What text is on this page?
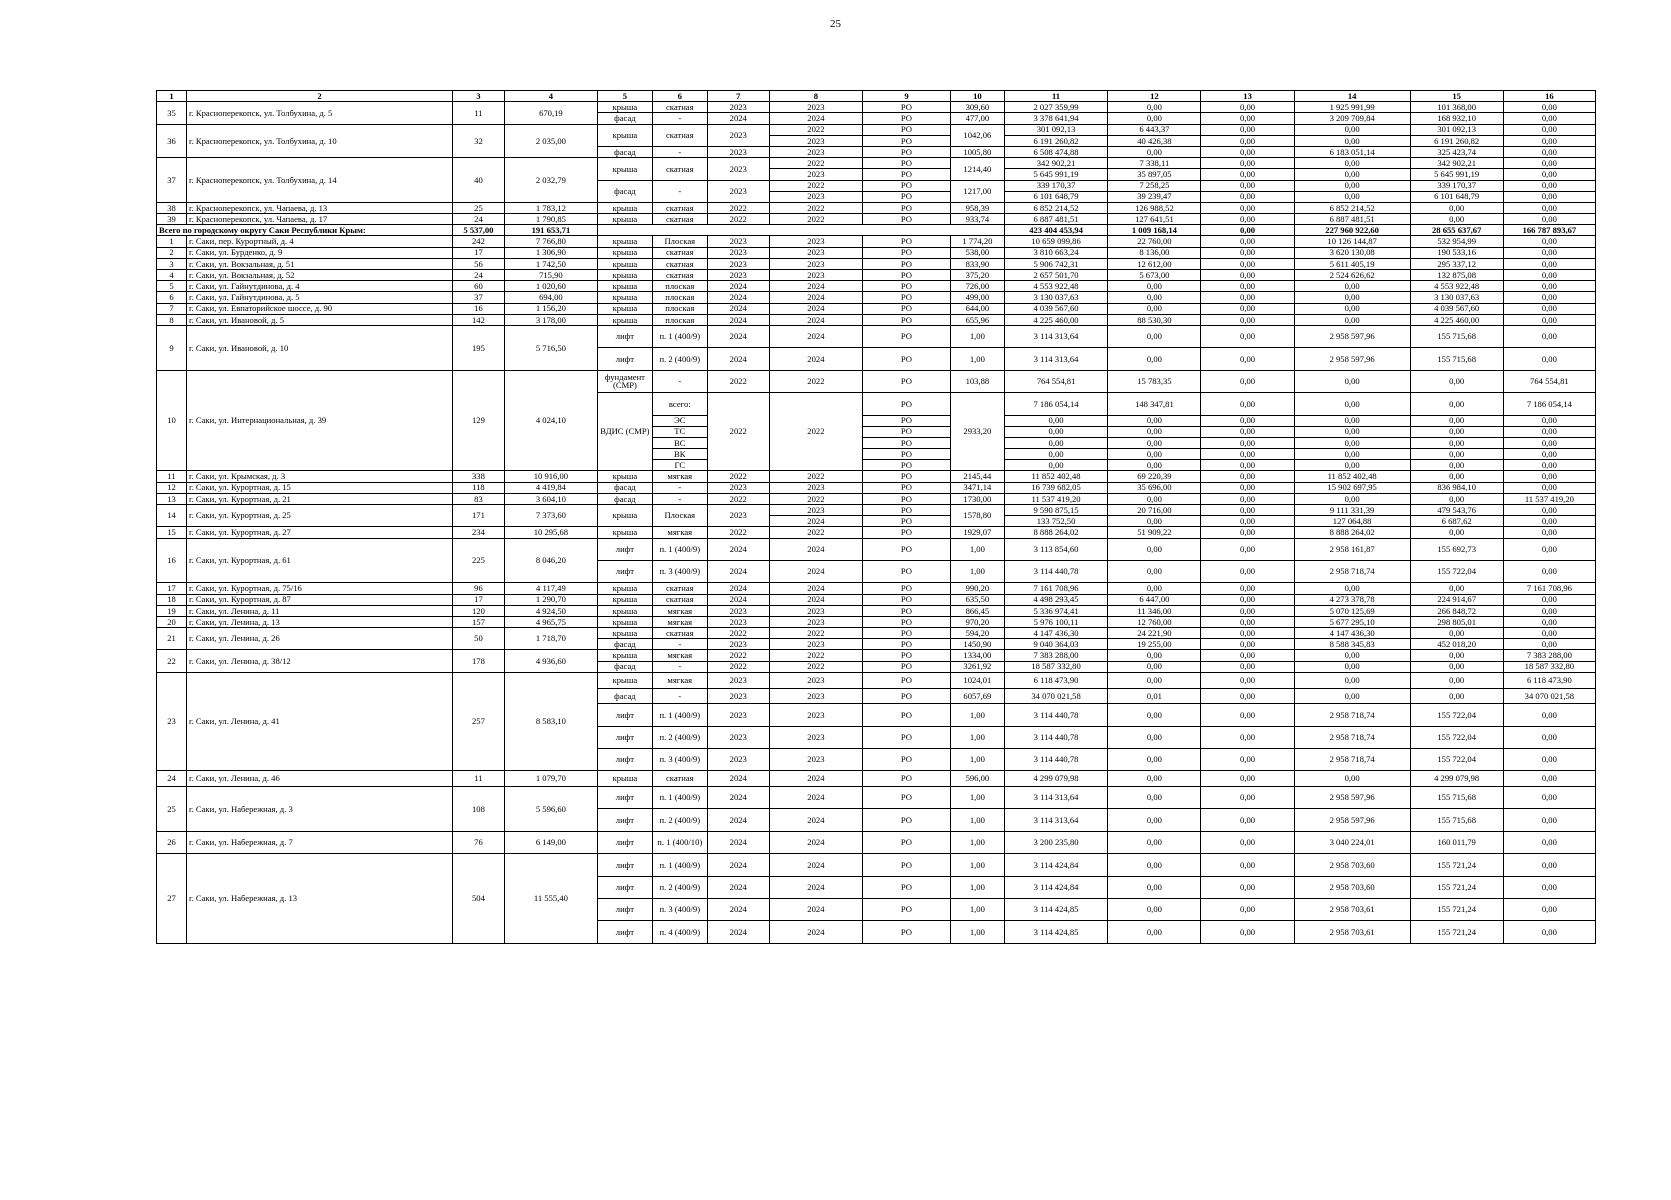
25
1	2	3	4	5	6	7	8	9	10	11	12	13	14	15	16
35	г. Красноперекопск, ул. Толбухина, д. 5	11	670,19	крыша	скатная	2023	2023	РО	309,60	2 027 359,99	0,00	0,00	1 925 991,99	101 368,00	0,00
				фасад	-	2024	2024	РО	477,00	3 378 641,94	0,00	0,00	3 209 709,84	168 932,10	0,00
36	г. Красноперекопск, ул. Толбухина, д. 10	32	2 035,00	крыша	скатная	2023	2022	РО	1042,06	301 092,13	6 443,37	0,00	0,00	301 092,13	0,00
							2023	РО		6 191 260,82	40 426,38	0,00	0,00	6 191 260,82	0,00
				фасад	-	2023	2023	РО	1005,80	6 508 474,88	0,00	0,00	6 183 051,14	325 423,74	0,00
37	г. Красноперекопск, ул. Толбухина, д. 14	40	2 032,79	крыша	скатная	2023	2022	РО	1214,40	342 902,21	7 338,11	0,00	0,00	342 902,21	0,00
							2023	РО		5 645 991,19	35 897,05	0,00	0,00	5 645 991,19	0,00
				фасад	-	2023	2022	РО	1217,00	339 170,37	7 258,25	0,00	0,00	339 170,37	0,00
							2023	РО		6 101 648,79	39 239,47	0,00	0,00	6 101 648,79	0,00
38	г. Красноперекопск, ул. Чапаева, д. 13	25	1 783,12	крыша	скатная	2022	2022	РО	958,39	6 852 214,52	126 988,52	0,00	6 852 214,52	0,00	0,00
39	г. Красноперекопск, ул. Чапаева, д. 17	24	1 790,85	крыша	скатная	2022	2022	РО	933,74	6 887 481,51	127 641,51	0,00	6 887 481,51	0,00	0,00
Всего по городскому округу Саки Республики Крым:		5 537,00	191 653,71							423 404 453,94	1 009 168,14	0,00	227 960 922,60	28 655 637,67	166 787 893,67
1	г. Саки, пер. Курортный, д. 4	242	7 766,80	крыша	Плоская	2023	2023	РО	1 774,20	10 659 099,86	22 760,00	0,00	10 126 144,87	532 954,99	0,00
2	г. Саки, ул. Бурденко, д. 9	17	1 306,90	крыша	скатная	2023	2023	РО	538,00	3 810 663,24	8 136,00	0,00	3 620 130,08	190 533,16	0,00
3	г. Саки, ул. Вокзальная, д. 51	56	1 742,50	крыша	скатная	2023	2023	РО	833,90	5 906 742,31	12 612,00	0,00	5 611 405,19	295 337,12	0,00
4	г. Саки, ул. Вокзальная, д. 52	24	715,90	крыша	скатная	2023	2023	РО	375,20	2 657 501,70	5 673,00	0,00	2 524 626,62	132 875,08	0,00
5	г. Саки, ул. Гайнутдинова, д. 4	60	1 020,60	крыша	плоская	2024	2024	РО	726,00	4 553 922,48	0,00	0,00	0,00	4 553 922,48	0,00
6	г. Саки, ул. Гайнутдинова, д. 5	37	694,00	крыша	плоская	2024	2024	РО	499,00	3 130 037,63	0,00	0,00	0,00	3 130 037,63	0,00
7	г. Саки, ул. Евпаторийское шоссе, д. 90	16	1 156,20	крыша	плоская	2024	2024	РО	644,00	4 039 567,60	0,00	0,00	0,00	4 039 567,60	0,00
8	г. Саки, ул. Ивановой, д. 5	142	3 178,00	крыша	плоская	2024	2024	РО	655,96	4 225 460,00	88 530,30	0,00	0,00	4 225 460,00	0,00
9	г. Саки, ул. Ивановой, д. 10	195	5 716,50	лифт	п. 1 (400/9)	2024	2024	РО	1,00	3 114 313,64	0,00	0,00	2 958 597,96	155 715,68	0,00
				лифт	п. 2 (400/9)	2024	2024	РО	1,00	3 114 313,64	0,00	0,00	2 958 597,96	155 715,68	0,00
10	г. Саки, ул. Интернациональная, д. 39	129	4 024,10	фундамент (СМР)	-	2022	2022	РО	103,88	764 554,81	15 783,35	0,00	0,00	0,00	764 554,81
				ВДИС (СМР)	всего:	2022	2022	РО	2933,20	7 186 054,14	148 347,81	0,00	0,00	0,00	7 186 054,14
					ЭС			РО		0,00	0,00	0,00	0,00	0,00	0,00
					ТС			РО		0,00	0,00	0,00	0,00	0,00	0,00
					ВС			РО		0,00	0,00	0,00	0,00	0,00	0,00
					ВК			РО		0,00	0,00	0,00	0,00	0,00	0,00
					ГС			РО		0,00	0,00	0,00	0,00	0,00	0,00
11	г. Саки, ул. Крымская, д. 3	338	10 916,00	крыша	мягкая	2022	2022	РО	2145,44	11 852 402,48	69 220,39	0,00	11 852 402,48	0,00	0,00
12	г. Саки, ул. Курортная, д. 15	118	4 419,84	фасад	-	2023	2023	РО	3471,14	16 739 682,05	35 696,00	0,00	15 902 697,95	836 984,10	0,00
13	г. Саки, ул. Курортная, д. 21	83	3 604,10	фасад	-	2022	2022	РО	1730,00	11 537 419,20	0,00	0,00	0,00	0,00	11 537 419,20
14	г. Саки, ул. Курортная, д. 25	171	7 373,60	крыша	Плоская	2023	2023	РО	1578,80	9 590 875,15	20 716,00	0,00	9 111 331,39	479 543,76	0,00
							2024	РО		133 752,50	0,00	0,00	127 064,88	6 687,62	0,00
15	г. Саки, ул. Курортная, д. 27	234	10 295,68	крыша	мягкая	2022	2022	РО	1929,07	8 888 264,02	51 909,22	0,00	8 888 264,02	0,00	0,00
16	г. Саки, ул. Курортная, д. 61	225	8 046,20	лифт	п. 1 (400/9)	2024	2024	РО	1,00	3 113 854,60	0,00	0,00	2 958 161,87	155 692,73	0,00
				лифт	п. 3 (400/9)	2024	2024	РО	1,00	3 114 440,78	0,00	0,00	2 958 718,74	155 722,04	0,00
17	г. Саки, ул. Курортная, д. 75/16	96	4 117,49	крыша	скатная	2024	2024	РО	990,20	7 161 708,96	0,00	0,00	0,00	0,00	7 161 708,96
18	г. Саки, ул. Курортная, д. 87	17	1 290,70	крыша	скатная	2024	2024	РО	635,50	4 498 293,45	6 447,00	0,00	4 273 378,78	224 914,67	0,00
19	г. Саки, ул. Ленина, д. 11	120	4 924,50	крыша	мягкая	2023	2023	РО	866,45	5 336 974,41	11 346,00	0,00	5 070 125,69	266 848,72	0,00
20	г. Саки, ул. Ленина, д. 13	157	4 965,75	крыша	мягкая	2023	2023	РО	970,20	5 976 100,11	12 760,00	0,00	5 677 295,10	298 805,01	0,00
21	г. Саки, ул. Ленина, д. 26	50	1 718,70	крыша	скатная	2022	2022	РО	594,20	4 147 436,30	24 221,90	0,00	4 147 436,30	0,00	0,00
				фасад	-	2023	2023	РО	1450,90	9 040 364,03	19 255,00	0,00	8 588 345,83	452 018,20	0,00
22	г. Саки, ул. Ленина, д. 38/12	178	4 936,60	крыша	мягкая	2022	2022	РО	1334,00	7 383 288,00	0,00	0,00	0,00	0,00	7 383 288,00
				фасад	-	2022	2022	РО	3261,92	18 587 332,80	0,00	0,00	0,00	0,00	18 587 332,80
23	г. Саки, ул. Ленина, д. 41	257	8 583,10	крыша	мягкая	2023	2023	РО	1024,01	6 118 473,90	0,00	0,00	0,00	0,00	6 118 473,90
				фасад	-	2023	2023	РО	6057,69	34 070 021,58	0,01	0,00	0,00	0,00	34 070 021,58
				лифт	п. 1 (400/9)	2023	2023	РО	1,00	3 114 440,78	0,00	0,00	2 958 718,74	155 722,04	0,00
				лифт	п. 2 (400/9)	2023	2023	РО	1,00	3 114 440,78	0,00	0,00	2 958 718,74	155 722,04	0,00
				лифт	п. 3 (400/9)	2023	2023	РО	1,00	3 114 440,78	0,00	0,00	2 958 718,74	155 722,04	0,00
24	г. Саки, ул. Ленина, д. 46	11	1 079,70	крыша	скатная	2024	2024	РО	596,00	4 299 079,98	0,00	0,00	0,00	4 299 079,98	0,00
25	г. Саки, ул. Набережная, д. 3	108	5 596,60	лифт	п. 1 (400/9)	2024	2024	РО	1,00	3 114 313,64	0,00	0,00	2 958 597,96	155 715,68	0,00
				лифт	п. 2 (400/9)	2024	2024	РО	1,00	3 114 313,64	0,00	0,00	2 958 597,96	155 715,68	0,00
26	г. Саки, ул. Набережная, д. 7	76	6 149,00	лифт	п. 1 (400/10)	2024	2024	РО	1,00	3 200 235,80	0,00	0,00	3 040 224,01	160 011,79	0,00
27	г. Саки, ул. Набережная, д. 13	504	11 555,40	лифт	п. 1 (400/9)	2024	2024	РО	1,00	3 114 424,84	0,00	0,00	2 958 703,60	155 721,24	0,00
				лифт	п. 2 (400/9)	2024	2024	РО	1,00	3 114 424,84	0,00	0,00	2 958 703,60	155 721,24	0,00
				лифт	п. 3 (400/9)	2024	2024	РО	1,00	3 114 424,85	0,00	0,00	2 958 703,61	155 721,24	0,00
				лифт	п. 4 (400/9)	2024	2024	РО	1,00	3 114 424,85	0,00	0,00	2 958 703,61	155 721,24	0,00
